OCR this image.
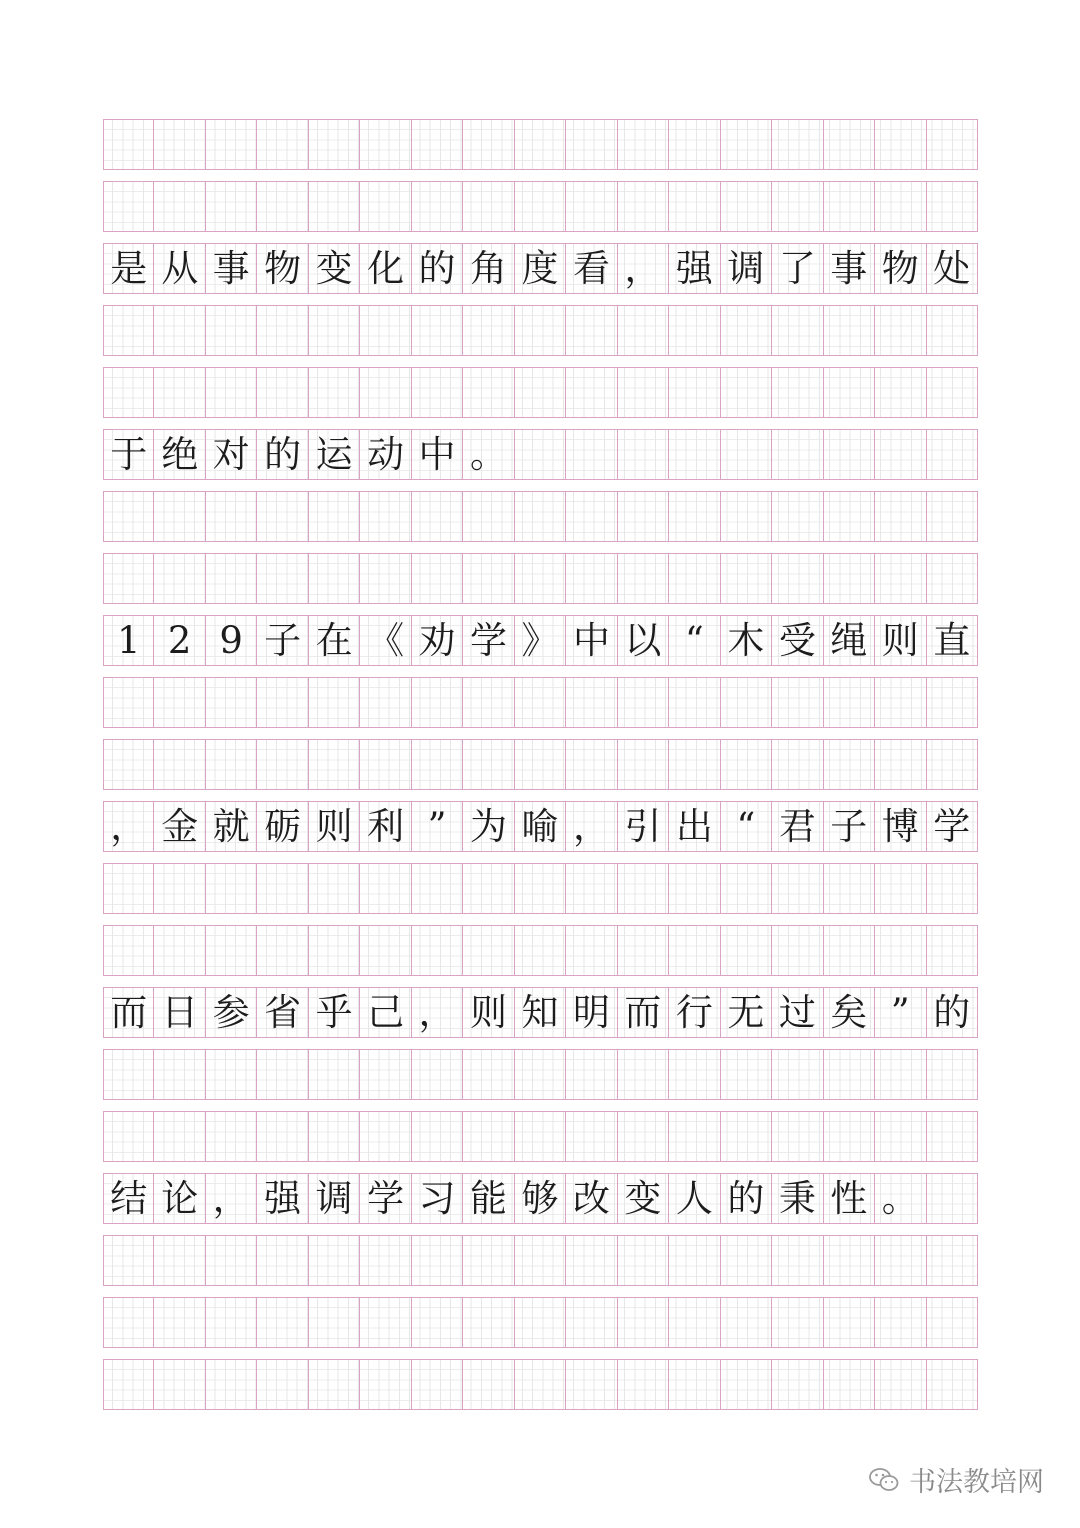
是 从 事 物 变 化 的 角 度 看 ， 强 调 了 事 物 处
于 绝 对 的 运 动 中 。
1 2 9 子 在 《 劝 学 》 中 以 “ 木 受 绳 则 直
， 金 就 砺 则 利 ” 为 喻 ， 引 出 “ 君 子 博 学
而 日 参 省 乎 己 ， 则 知 明 而 行 无 过 矣 ” 的
结 论 ， 强 调 学 习 能 够 改 变 人 的 秉 性 。
书法教培网
